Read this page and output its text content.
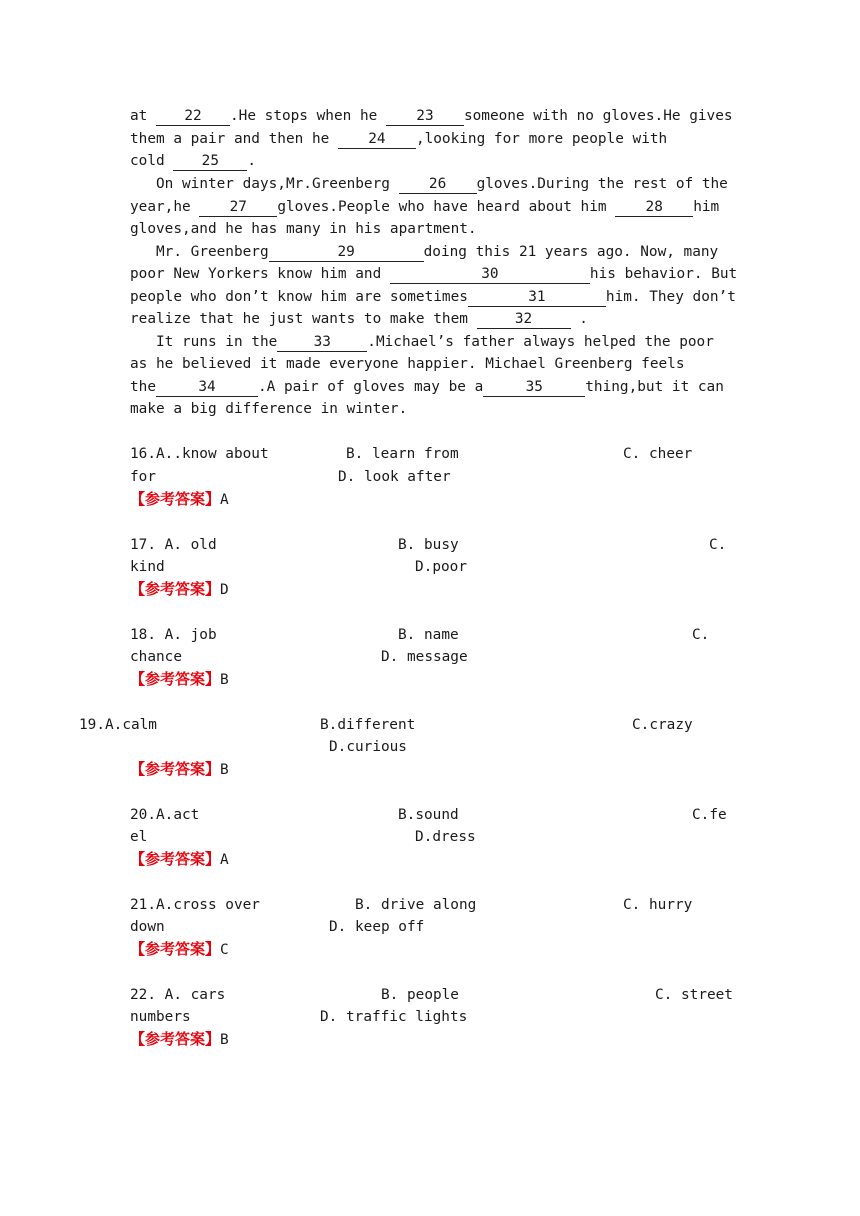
at 22 .He stops when he 23 someone with no gloves.He gives
them a pair and then he 24 ,looking for more people with
cold 25 .
On winter days,Mr.Greenberg 26 gloves.During the rest of the
year,he 27 gloves.People who have heard about him 28 him
gloves,and he has many in his apartment.
Mr. Greenberg	29	doing this 21 years ago. Now, many
poor New Yorkers know him and	30	his behavior. But
people who don’t know him are sometimes	31	him. They don’t
realize that he just wants to make them	32	.
It runs in the	33	.Michael’s father always helped the poor
as he believed it made everyone happier. Michael Greenberg feels
the	34	.A pair of gloves may be a	35	thing,but it can
make a big difference in winter.
16.A..know about	B. learn from	C. cheer
for	D. look after
【参考答案】A
17. A. old	B. busy	C.
kind	D.poor
【参考答案】D
18. A. job	B. name	C.
chance	D. message
【参考答案】B
19.A.calm	B.different	C.crazy
D.curious
【参考答案】B
20.A.act	B.sound	C.fe
el	D.dress
【参考答案】A
21.A.cross over	B. drive along	C. hurry
down	D. keep off
【参考答案】C
22. A. cars	B. people	C. street
numbers	D. traffic lights
【参考答案】B
